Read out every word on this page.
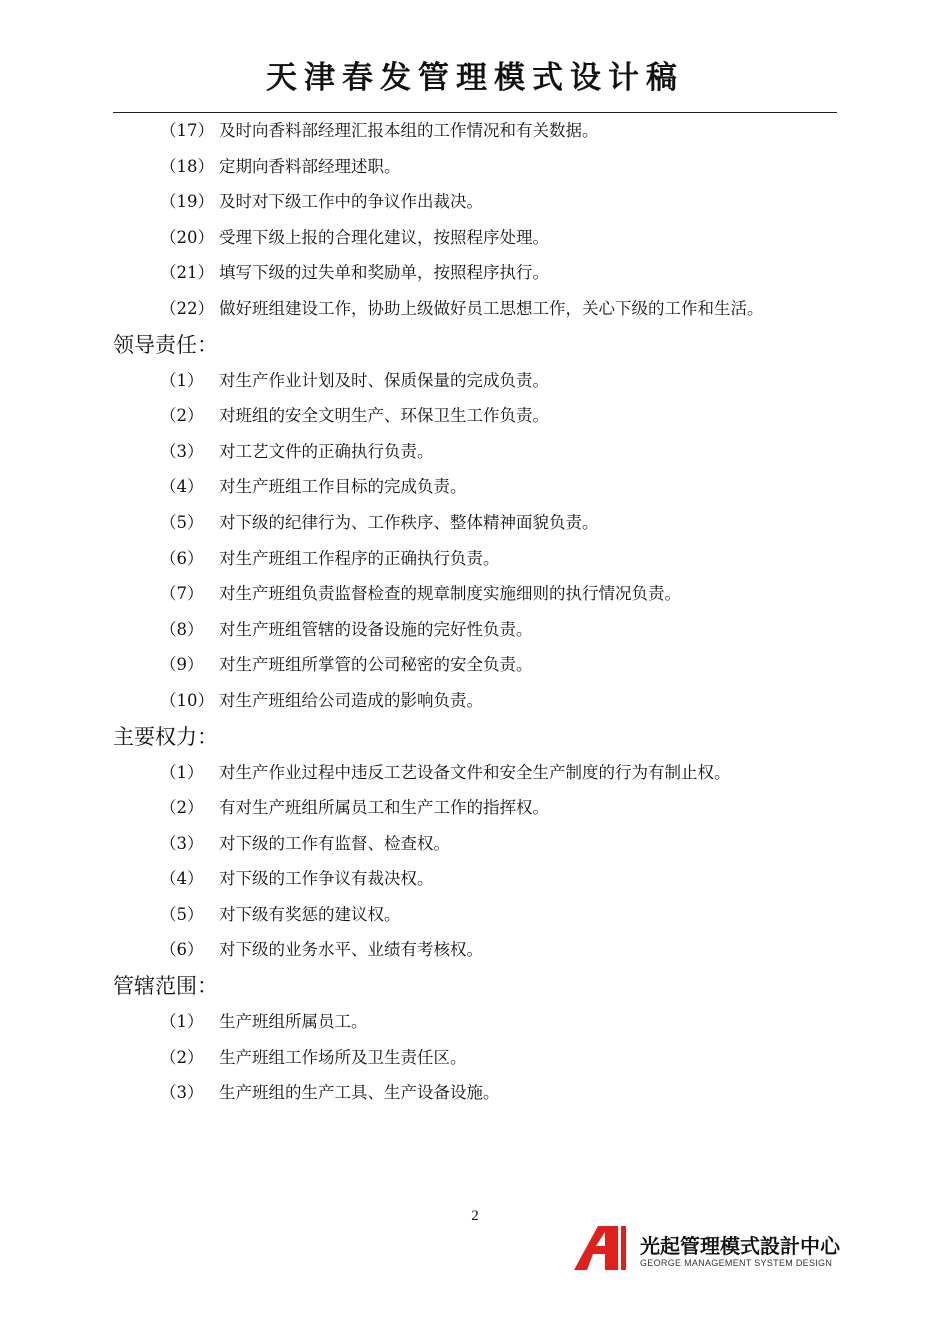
天津春发管理模式设计稿
（17） 及时向香料部经理汇报本组的工作情况和有关数据。
（18） 定期向香料部经理述职。
（19） 及时对下级工作中的争议作出裁决。
（20） 受理下级上报的合理化建议，按照程序处理。
（21） 填写下级的过失单和奖励单，按照程序执行。
（22） 做好班组建设工作，协助上级做好员工思想工作，关心下级的工作和生活。
领导责任：
（1） 对生产作业计划及时、保质保量的完成负责。
（2） 对班组的安全文明生产、环保卫生工作负责。
（3） 对工艺文件的正确执行负责。
（4） 对生产班组工作目标的完成负责。
（5） 对下级的纪律行为、工作秩序、整体精神面貌负责。
（6） 对生产班组工作程序的正确执行负责。
（7） 对生产班组负责监督检查的规章制度实施细则的执行情况负责。
（8） 对生产班组管辖的设备设施的完好性负责。
（9） 对生产班组所掌管的公司秘密的安全负责。
（10） 对生产班组给公司造成的影响负责。
主要权力：
（1） 对生产作业过程中违反工艺设备文件和安全生产制度的行为有制止权。
（2） 有对生产班组所属员工和生产工作的指挥权。
（3） 对下级的工作有监督、检查权。
（4） 对下级的工作争议有裁决权。
（5） 对下级有奖惩的建议权。
（6） 对下级的业务水平、业绩有考核权。
管辖范围：
（1） 生产班组所属员工。
（2） 生产班组工作场所及卫生责任区。
（3） 生产班组的生产工具、生产设备设施。
2
光起管理模式設計中心
GEORGE MANAGEMENT SYSTEM DESIGN
